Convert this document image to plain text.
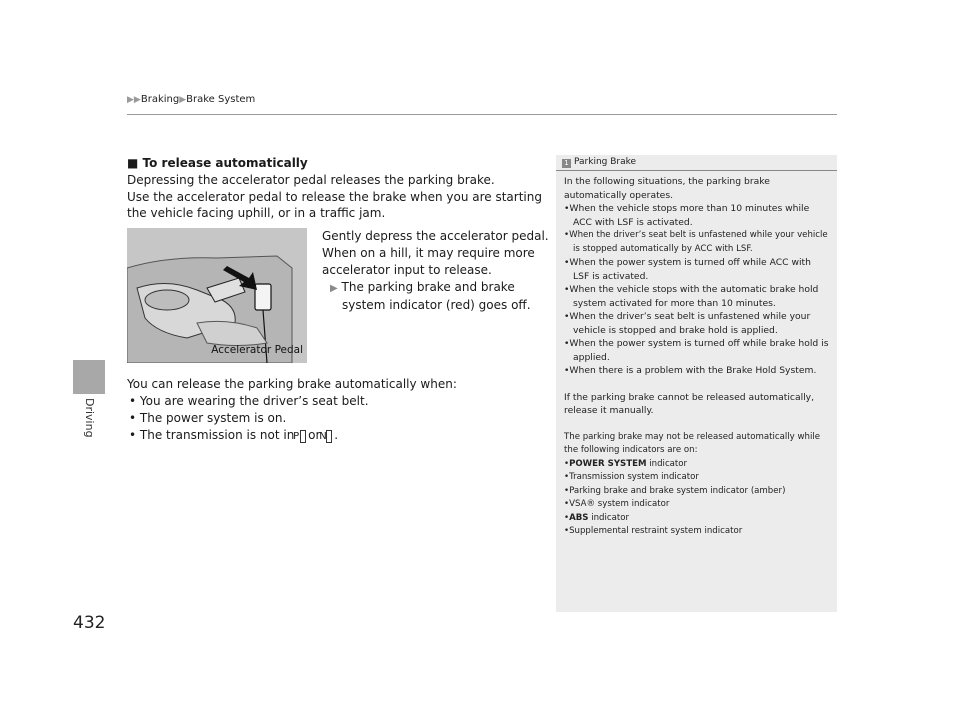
▶▶Braking▶Brake System
Driving
432
■ To release automatically

Depressing the accelerator pedal releases the parking brake.

Use the accelerator pedal to release the brake when you are starting the vehicle facing uphill, or in a traffic jam.

Accelerator Pedal
Gently depress the accelerator pedal.
When on a hill, it may require more accelerator input to release.
▶ The parking brake and brake system indicator (red) goes off.
You can release the parking brake automatically when:
• You are wearing the driver’s seat belt.
• The power system is on.
• The transmission is not in P or N .
1 Parking Brake
In the following situations, the parking brake automatically operates.
•When the vehicle stops more than 10 minutes while ACC with LSF is activated.
•When the driver’s seat belt is unfastened while your vehicle is stopped automatically by ACC with LSF.
•When the power system is turned off while ACC with LSF is activated.
•When the vehicle stops with the automatic brake hold system activated for more than 10 minutes.
•When the driver’s seat belt is unfastened while your vehicle is stopped and brake hold is applied.
•When the power system is turned off while brake hold is applied.
•When there is a problem with the Brake Hold System.
If the parking brake cannot be released automatically, release it manually.
The parking brake may not be released automatically while the following indicators are on:
•POWER SYSTEM indicator
•Transmission system indicator
•Parking brake and brake system indicator (amber)
•VSA® system indicator
•ABS indicator
•Supplemental restraint system indicator
